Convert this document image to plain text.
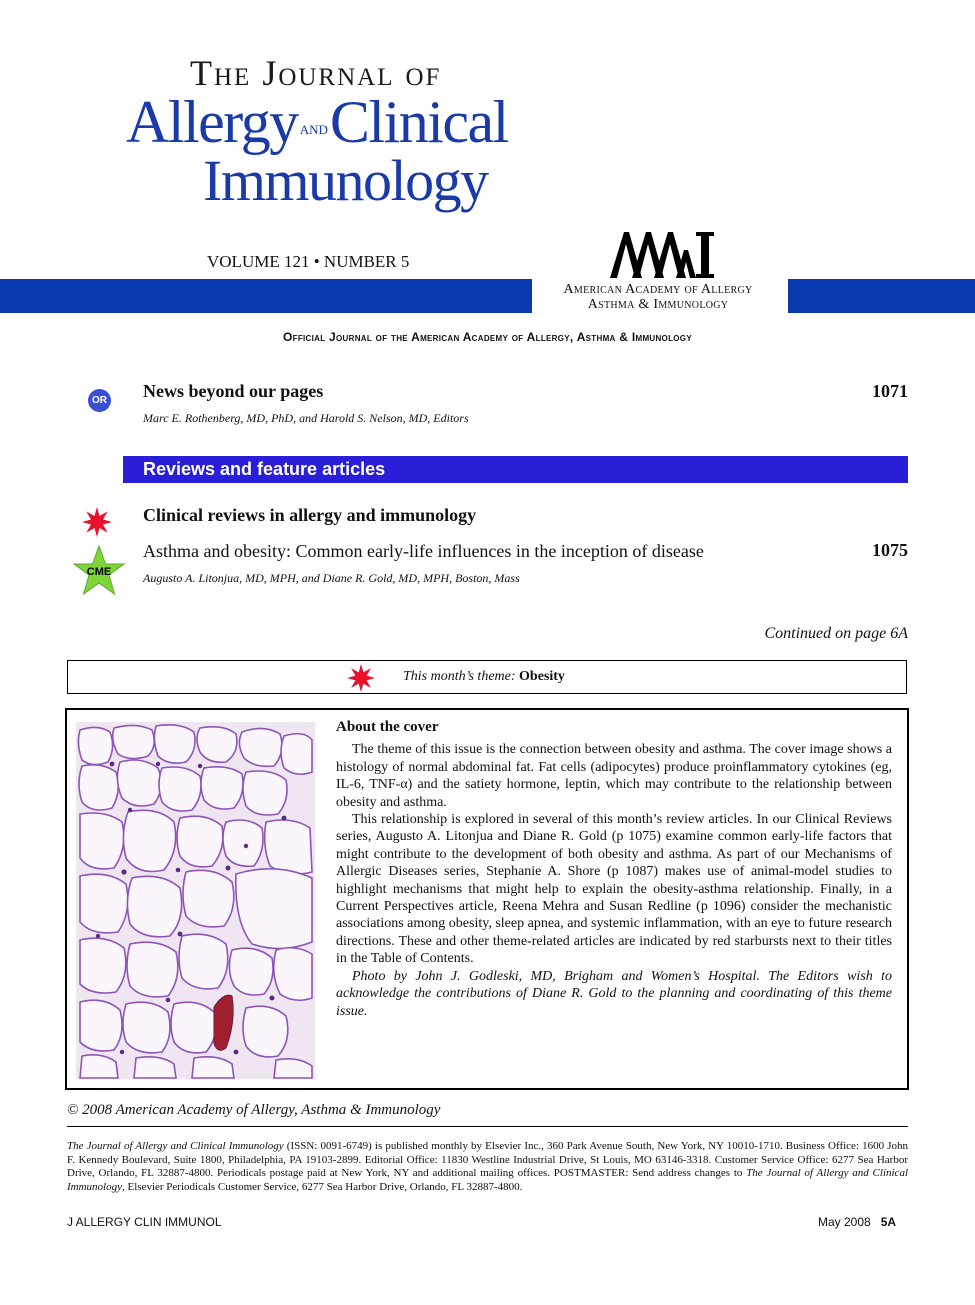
The Journal of
Allergy ANDClinical
Immunology
VOLUME 121 • NUMBER 5
American Academy of Allergy
Asthma & Immunology
Official Journal of the American Academy of Allergy, Asthma & Immunology
OR News beyond our pages	1071
Marc E. Rothenberg, MD, PhD, and Harold S. Nelson, MD, Editors
Reviews and feature articles
Clinical reviews in allergy and immunology
CME
Asthma and obesity: Common early-life influences in the inception of disease	1075
Augusto A. Litonjua, MD, MPH, and Diane R. Gold, MD, MPH, Boston, Mass
Continued on page 6A
This month’s theme: Obesity

About the cover

The theme of this issue is the connection between obesity and asthma. The cover image shows a histology of normal abdominal fat. Fat cells (adipocytes) produce proinflammatory cytokines (eg, IL-6, TNF-α) and the satiety hormone, leptin, which may contribute to the relationship between obesity and asthma.

This relationship is explored in several of this month’s review articles. In our Clinical Reviews series, Augusto A. Litonjua and Diane R. Gold (p 1075) examine common early-life factors that might contribute to the development of both obesity and asthma. As part of our Mechanisms of Allergic Diseases series, Stephanie A. Shore (p 1087) makes use of animal-model studies to highlight mechanisms that might help to explain the obesity-asthma relationship. Finally, in a Current Perspectives article, Reena Mehra and Susan Redline (p 1096) consider the mechanistic associations among obesity, sleep apnea, and systemic inflammation, with an eye to future research directions. These and other theme-related articles are indicated by red starbursts next to their titles in the Table of Contents.

Photo by John J. Godleski, MD, Brigham and Women’s Hospital. The Editors wish to acknowledge the contributions of Diane R. Gold to the planning and coordinating of this theme issue.

© 2008 American Academy of Allergy, Asthma & Immunology
The Journal of Allergy and Clinical Immunology (ISSN: 0091-6749) is published monthly by Elsevier Inc., 360 Park Avenue South, New York, NY 10010-1710. Business Office: 1600 John F. Kennedy Boulevard, Suite 1800, Philadelphia, PA 19103-2899. Editorial Office: 11830 Westline Industrial Drive, St Louis, MO 63146-3318. Customer Service Office: 6277 Sea Harbor Drive, Orlando, FL 32887-4800. Periodicals postage paid at New York, NY and additional mailing offices. POSTMASTER: Send address changes to The Journal of Allergy and Clinical Immunology, Elsevier Periodicals Customer Service, 6277 Sea Harbor Drive, Orlando, FL 32887-4800.
J ALLERGY CLIN IMMUNOL	May 2008 5A
